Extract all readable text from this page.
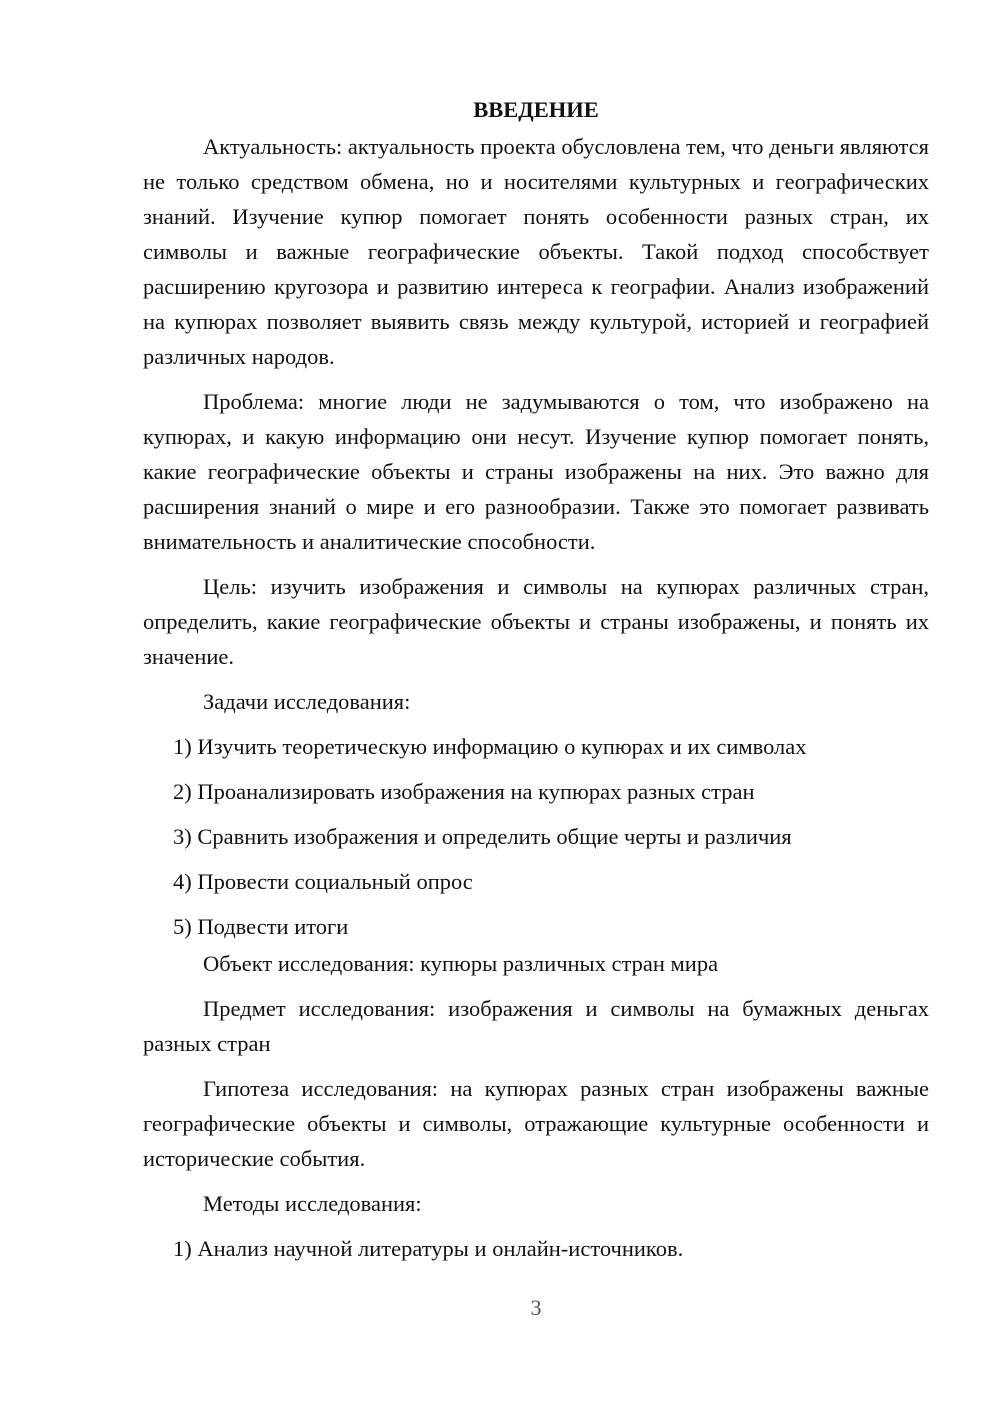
ВВЕДЕНИЕ

Актуальность: актуальность проекта обусловлена тем, что деньги являются не только средством обмена, но и носителями культурных и географических знаний. Изучение купюр помогает понять особенности разных стран, их символы и важные географические объекты. Такой подход способствует расширению кругозора и развитию интереса к географии. Анализ изображений на купюрах позволяет выявить связь между культурой, историей и географией различных народов.

Проблема: многие люди не задумываются о том, что изображено на купюрах, и какую информацию они несут. Изучение купюр помогает понять, какие географические объекты и страны изображены на них. Это важно для расширения знаний о мире и его разнообразии. Также это помогает развивать внимательность и аналитические способности.

Цель: изучить изображения и символы на купюрах различных стран, определить, какие географические объекты и страны изображены, и понять их значение.

Задачи исследования:

1) Изучить теоретическую информацию о купюрах и их символах

2) Проанализировать изображения на купюрах разных стран

3) Сравнить изображения и определить общие черты и различия

4) Провести социальный опрос

5) Подвести итоги

Объект исследования: купюры различных стран мира

Предмет исследования: изображения и символы на бумажных деньгах разных стран

Гипотеза исследования: на купюрах разных стран изображены важные географические объекты и символы, отражающие культурные особенности и исторические события.

Методы исследования:

1) Анализ научной литературы и онлайн-источников.

3
